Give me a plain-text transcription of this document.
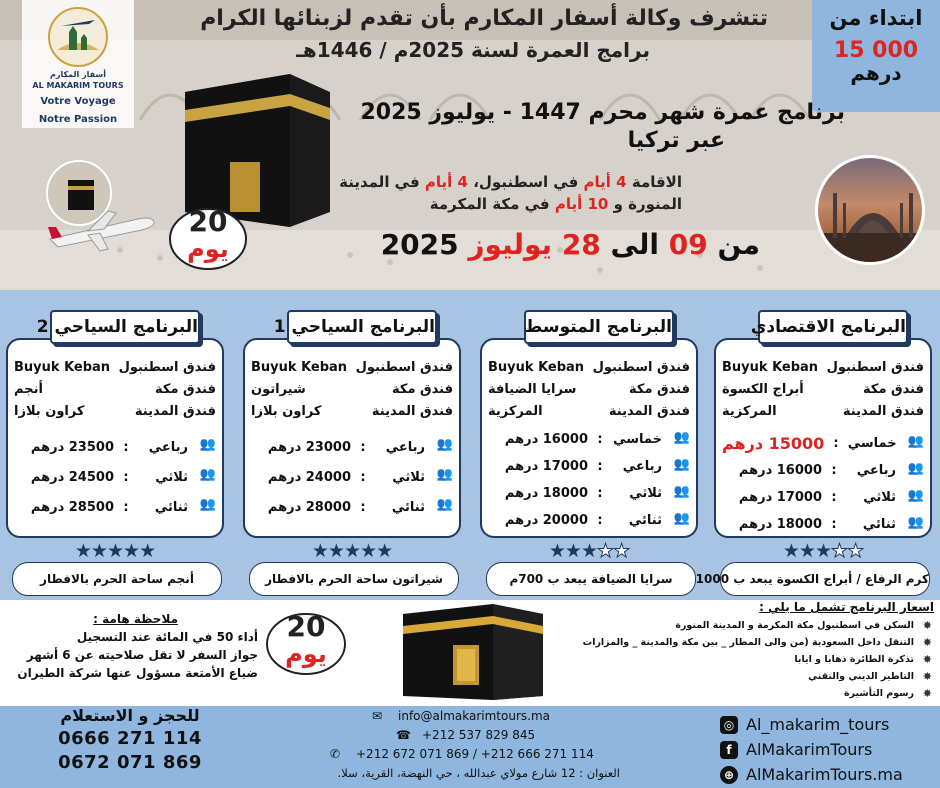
أسفار المكارم
AL MAKARIM TOURS
Votre Voyage
Notre Passion
تتشرف وكالة أسفار المكارم بأن تقدم لزبنائها الكرام
برامج العمرة لسنة 2025م / 1446هـ
ابتداء من
15 000
درهم
برنامج عمرة شهر محرم 1447 - يوليوز 2025
عبر تركيا
الاقامة 4 أيام في اسطنبول، 4 أيام في المدينة
المنورة و 10 أيام في مكة المكرمة
من 09 الى 28 يوليوز 2025
20
يوم
البرنامج الاقتصادي
فندق اسطنبول
Buyuk Keban
فندق مكة
أبراج الكسوة
فندق المدينة
المركزية
👥
خماسي
:
15000 درهم
👥
رباعي
:
16000 درهم
👥
ثلاثي
:
17000 درهم
👥
ثنائي
:
18000 درهم
★★★★★
كرم الرفاع / أبراج الكسوة يبعد ب 1000
البرنامج المتوسط
فندق اسطنبول
Buyuk Keban
فندق مكة
سرايا الضيافة
فندق المدينة
المركزية
👥
خماسي
:
16000 درهم
👥
رباعي
:
17000 درهم
👥
ثلاثي
:
18000 درهم
👥
ثنائي
:
20000 درهم
★★★★★
سرايا الضيافة يبعد ب 700م
البرنامج السياحي 1
فندق اسطنبول
Buyuk Keban
فندق مكة
شيراتون
فندق المدينة
كراون بلازا
👥
رباعي
:
23000 درهم
👥
ثلاثي
:
24000 درهم
👥
ثنائي
:
28000 درهم
★★★★★
شيراتون ساحة الحرم بالافطار
البرنامج السياحي 2
فندق اسطنبول
Buyuk Keban
فندق مكة
أنجم
فندق المدينة
كراون بلازا
👥
رباعي
:
23500 درهم
👥
ثلاثي
:
24500 درهم
👥
ثنائي
:
28500 درهم
★★★★★
أنجم ساحة الحرم بالافطار
ملاحظة هامة :
أداء 50 في المائة عند التسجيل
جواز السفر لا تقل صلاحيته عن 6 أشهر
ضياع الأمتعة مسؤول عنها شركة الطيران
20
يوم
اسعار البرنامج تشمل ما يلي :
✸ السكن في اسطنبول مكة المكرمة و المدينة المنورة
✸ التنقل داخل السعودية (من والى المطار _ بين مكة والمدينة _ والمزارات
✸ تذكرة الطائرة ذهابا و ايابا
✸ التاطير الديني والتقني
✸ رسوم التأشيرة
للحجز و الاستعلام
0666 271 114
0672 071 869
✉	info@almakarimtours.ma
☎ +212 537 829 845
✆	+212 672 071 869 / +212 666 271 114
العنوان : 12 شارع مولاي عبدالله ، حي النهضة، القرية، سلا.
◎ Al_makarim_tours
f AlMakarimTours
⊕ AlMakarimTours.ma
